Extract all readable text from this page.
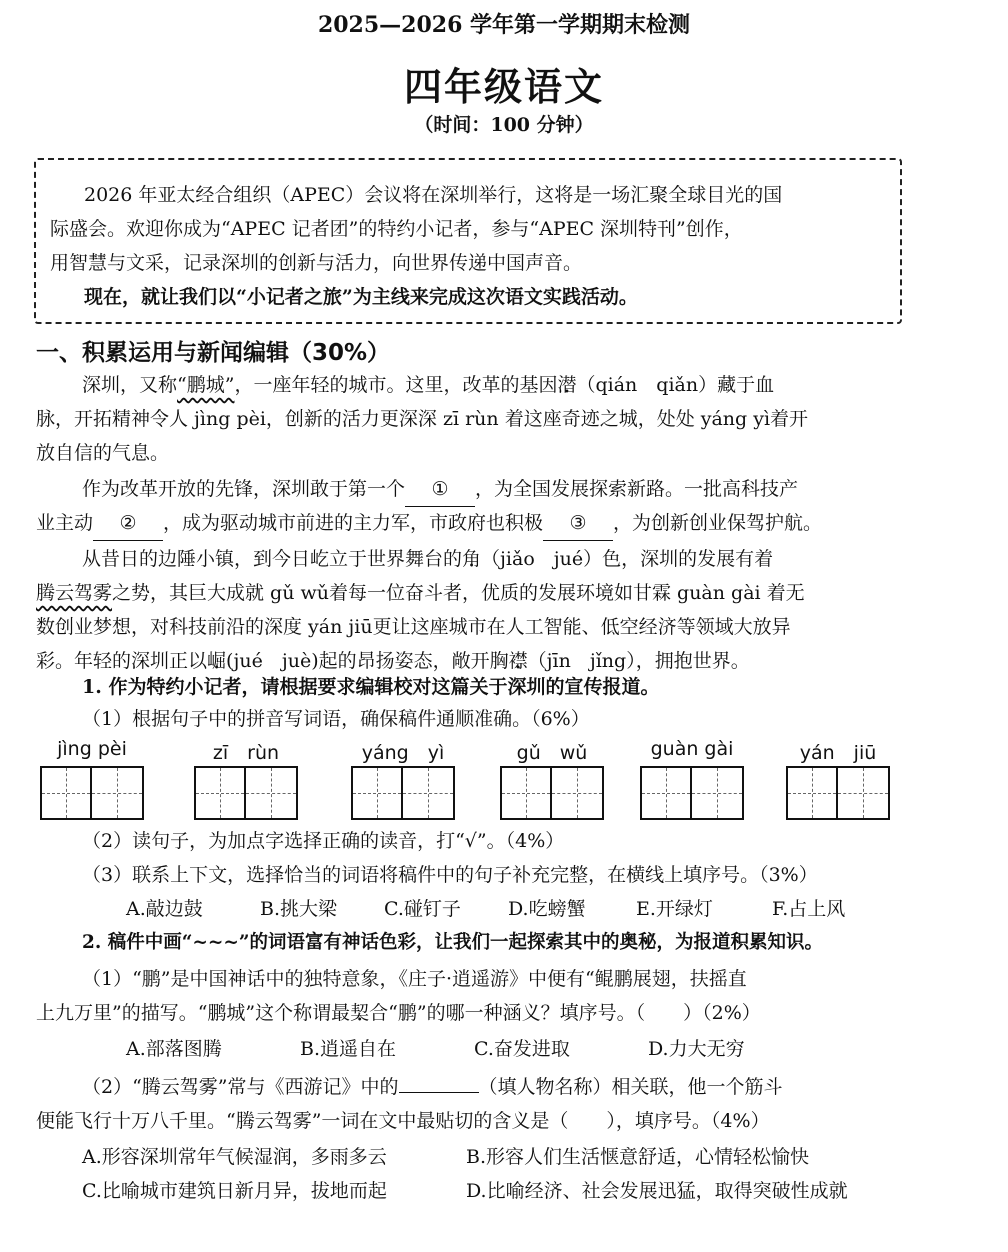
2025—2026 学年第一学期期末检测
四年级语文
（时间：100 分钟）
2026 年亚太经合组织（APEC）会议将在深圳举行，这将是一场汇聚全球目光的国
际盛会。欢迎你成为“APEC 记者团”的特约小记者，参与“APEC 深圳特刊”创作，
用智慧与文采，记录深圳的创新与活力，向世界传递中国声音。
现在，就让我们以“小记者之旅”为主线来完成这次语文实践活动。
一、积累运用与新闻编辑（30%）
深圳，又称“鹏城”，一座年轻的城市。这里，改革的基因潜（qián　qiǎn）藏于血
脉，开拓精神令人 jìng pèi，创新的活力更深深 zī rùn 着这座奇迹之城，处处 yáng yì着开
放自信的气息。
作为改革开放的先锋，深圳敢于第一个 ① ，为全国发展探索新路。一批高科技产
业主动 ② ，成为驱动城市前进的主力军，市政府也积极 ③ ，为创新创业保驾护航。
从昔日的边陲小镇，到今日屹立于世界舞台的角（jiǎo　jué）色，深圳的发展有着
腾云驾雾之势，其巨大成就 gǔ wǔ着每一位奋斗者，优质的发展环境如甘霖 guàn gài 着无
数创业梦想，对科技前沿的深度 yán jiū更让这座城市在人工智能、低空经济等领域大放异
彩。年轻的深圳正以崛(jué　juè)起的昂扬姿态，敞开胸襟（jīn　jǐng），拥抱世界。
1. 作为特约小记者，请根据要求编辑校对这篇关于深圳的宣传报道。
（1）根据句子中的拼音写词语，确保稿件通顺准确。（6%）
jìng pèi	zī　rùn	yáng　yì	gǔ　wǔ	guàn gài	yán　jiū
（2）读句子，为加点字选择正确的读音，打“√”。（4%）
（3）联系上下文，选择恰当的词语将稿件中的句子补充完整，在横线上填序号。（3%）
A.敲边鼓	B.挑大梁 C.碰钉子 D.吃螃蟹	E.开绿灯	F.占上风
2. 稿件中画“~~~”的词语富有神话色彩，让我们一起探索其中的奥秘，为报道积累知识。
（1）“鹏”是中国神话中的独特意象，《庄子·逍遥游》中便有“鲲鹏展翅，扶摇直
上九万里”的描写。“鹏城”这个称谓最契合“鹏”的哪一种涵义？填序号。（　　）（2%）
A.部落图腾	B.逍遥自在	C.奋发进取	D.力大无穷
（2）“腾云驾雾”常与《西游记》中的	（填人物名称）相关联，他一个筋斗
便能飞行十万八千里。“腾云驾雾”一词在文中最贴切的含义是（　　），填序号。（4%）
A.形容深圳常年气候湿润，多雨多云	B.形容人们生活惬意舒适，心情轻松愉快
C.比喻城市建筑日新月异，拔地而起	D.比喻经济、社会发展迅猛，取得突破性成就
